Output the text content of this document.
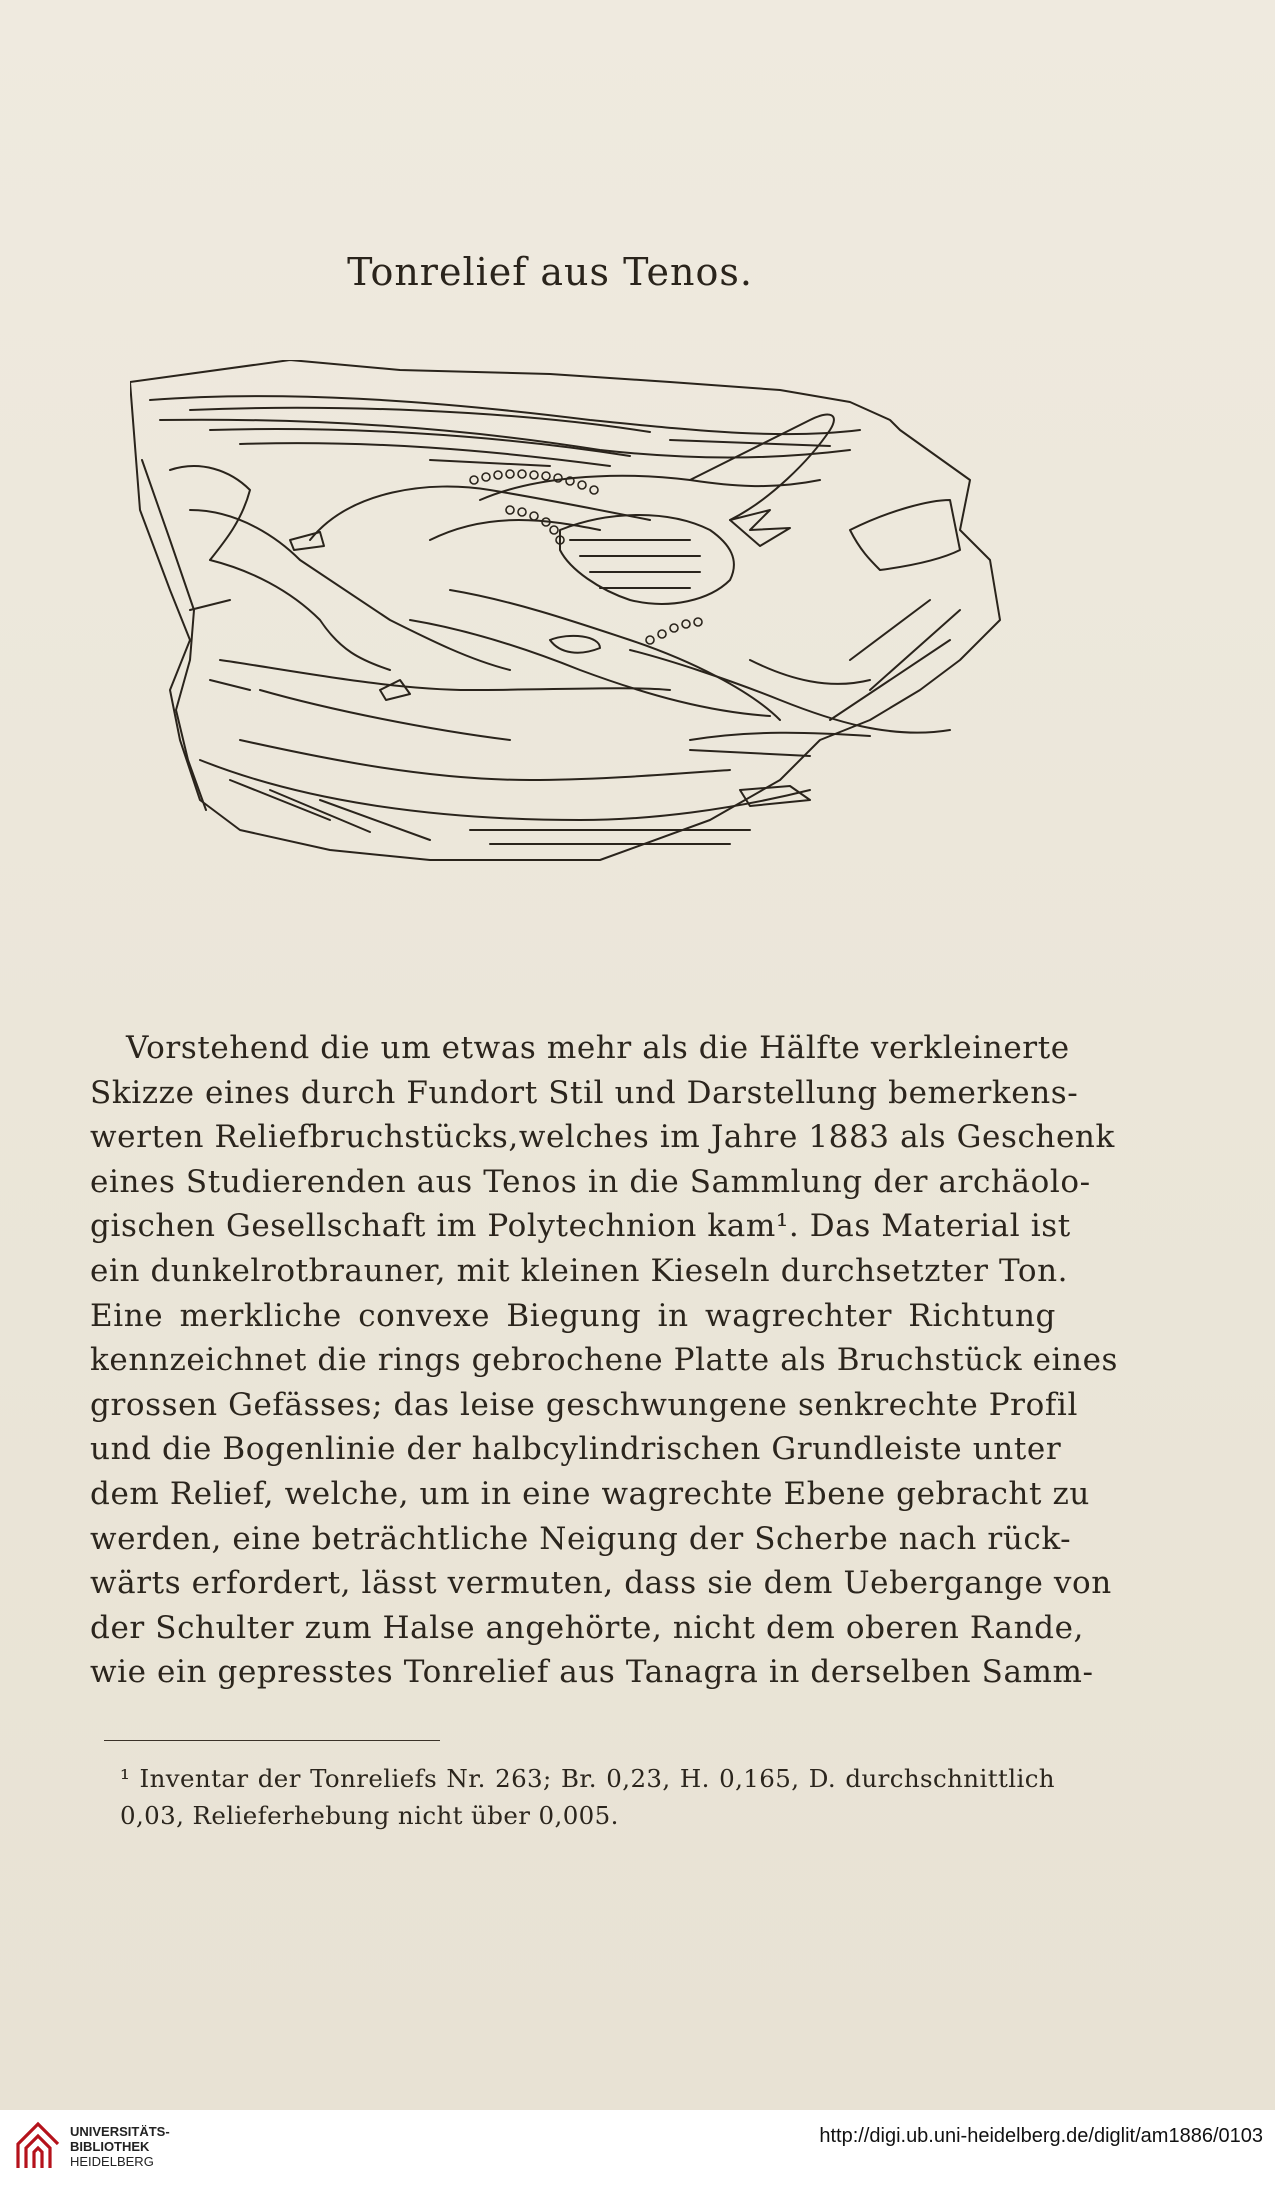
Tonrelief aus Tenos.
Vorstehend die um etwas mehr als die Hälfte verkleinerte
Skizze eines durch Fundort Stil und Darstellung bemerkens-
werten Reliefbruchstücks,welches im Jahre 1883 als Geschenk
eines Studierenden aus Tenos in die Sammlung der archäolo-
gischen Gesellschaft im Polytechnion kam¹. Das Material ist
ein dunkelrotbrauner, mit kleinen Kieseln durchsetzter Ton.
Eine merkliche convexe Biegung in wagrechter Richtung
kennzeichnet die rings gebrochene Platte als Bruchstück eines
grossen Gefässes; das leise geschwungene senkrechte Profil
und die Bogenlinie der halbcylindrischen Grundleiste unter
dem Relief, welche, um in eine wagrechte Ebene gebracht zu
werden, eine beträchtliche Neigung der Scherbe nach rück-
wärts erfordert, lässt vermuten, dass sie dem Uebergange von
der Schulter zum Halse angehörte, nicht dem oberen Rande,
wie ein gepresstes Tonrelief aus Tanagra in derselben Samm-
¹ Inventar der Tonreliefs Nr. 263; Br. 0,23, H. 0,165, D. durchschnittlich
0,03, Relieferhebung nicht über 0,005.
UNIVERSITÄTS-
BIBLIOTHEK
HEIDELBERG
http://digi.ub.uni-heidelberg.de/diglit/am1886/0103
